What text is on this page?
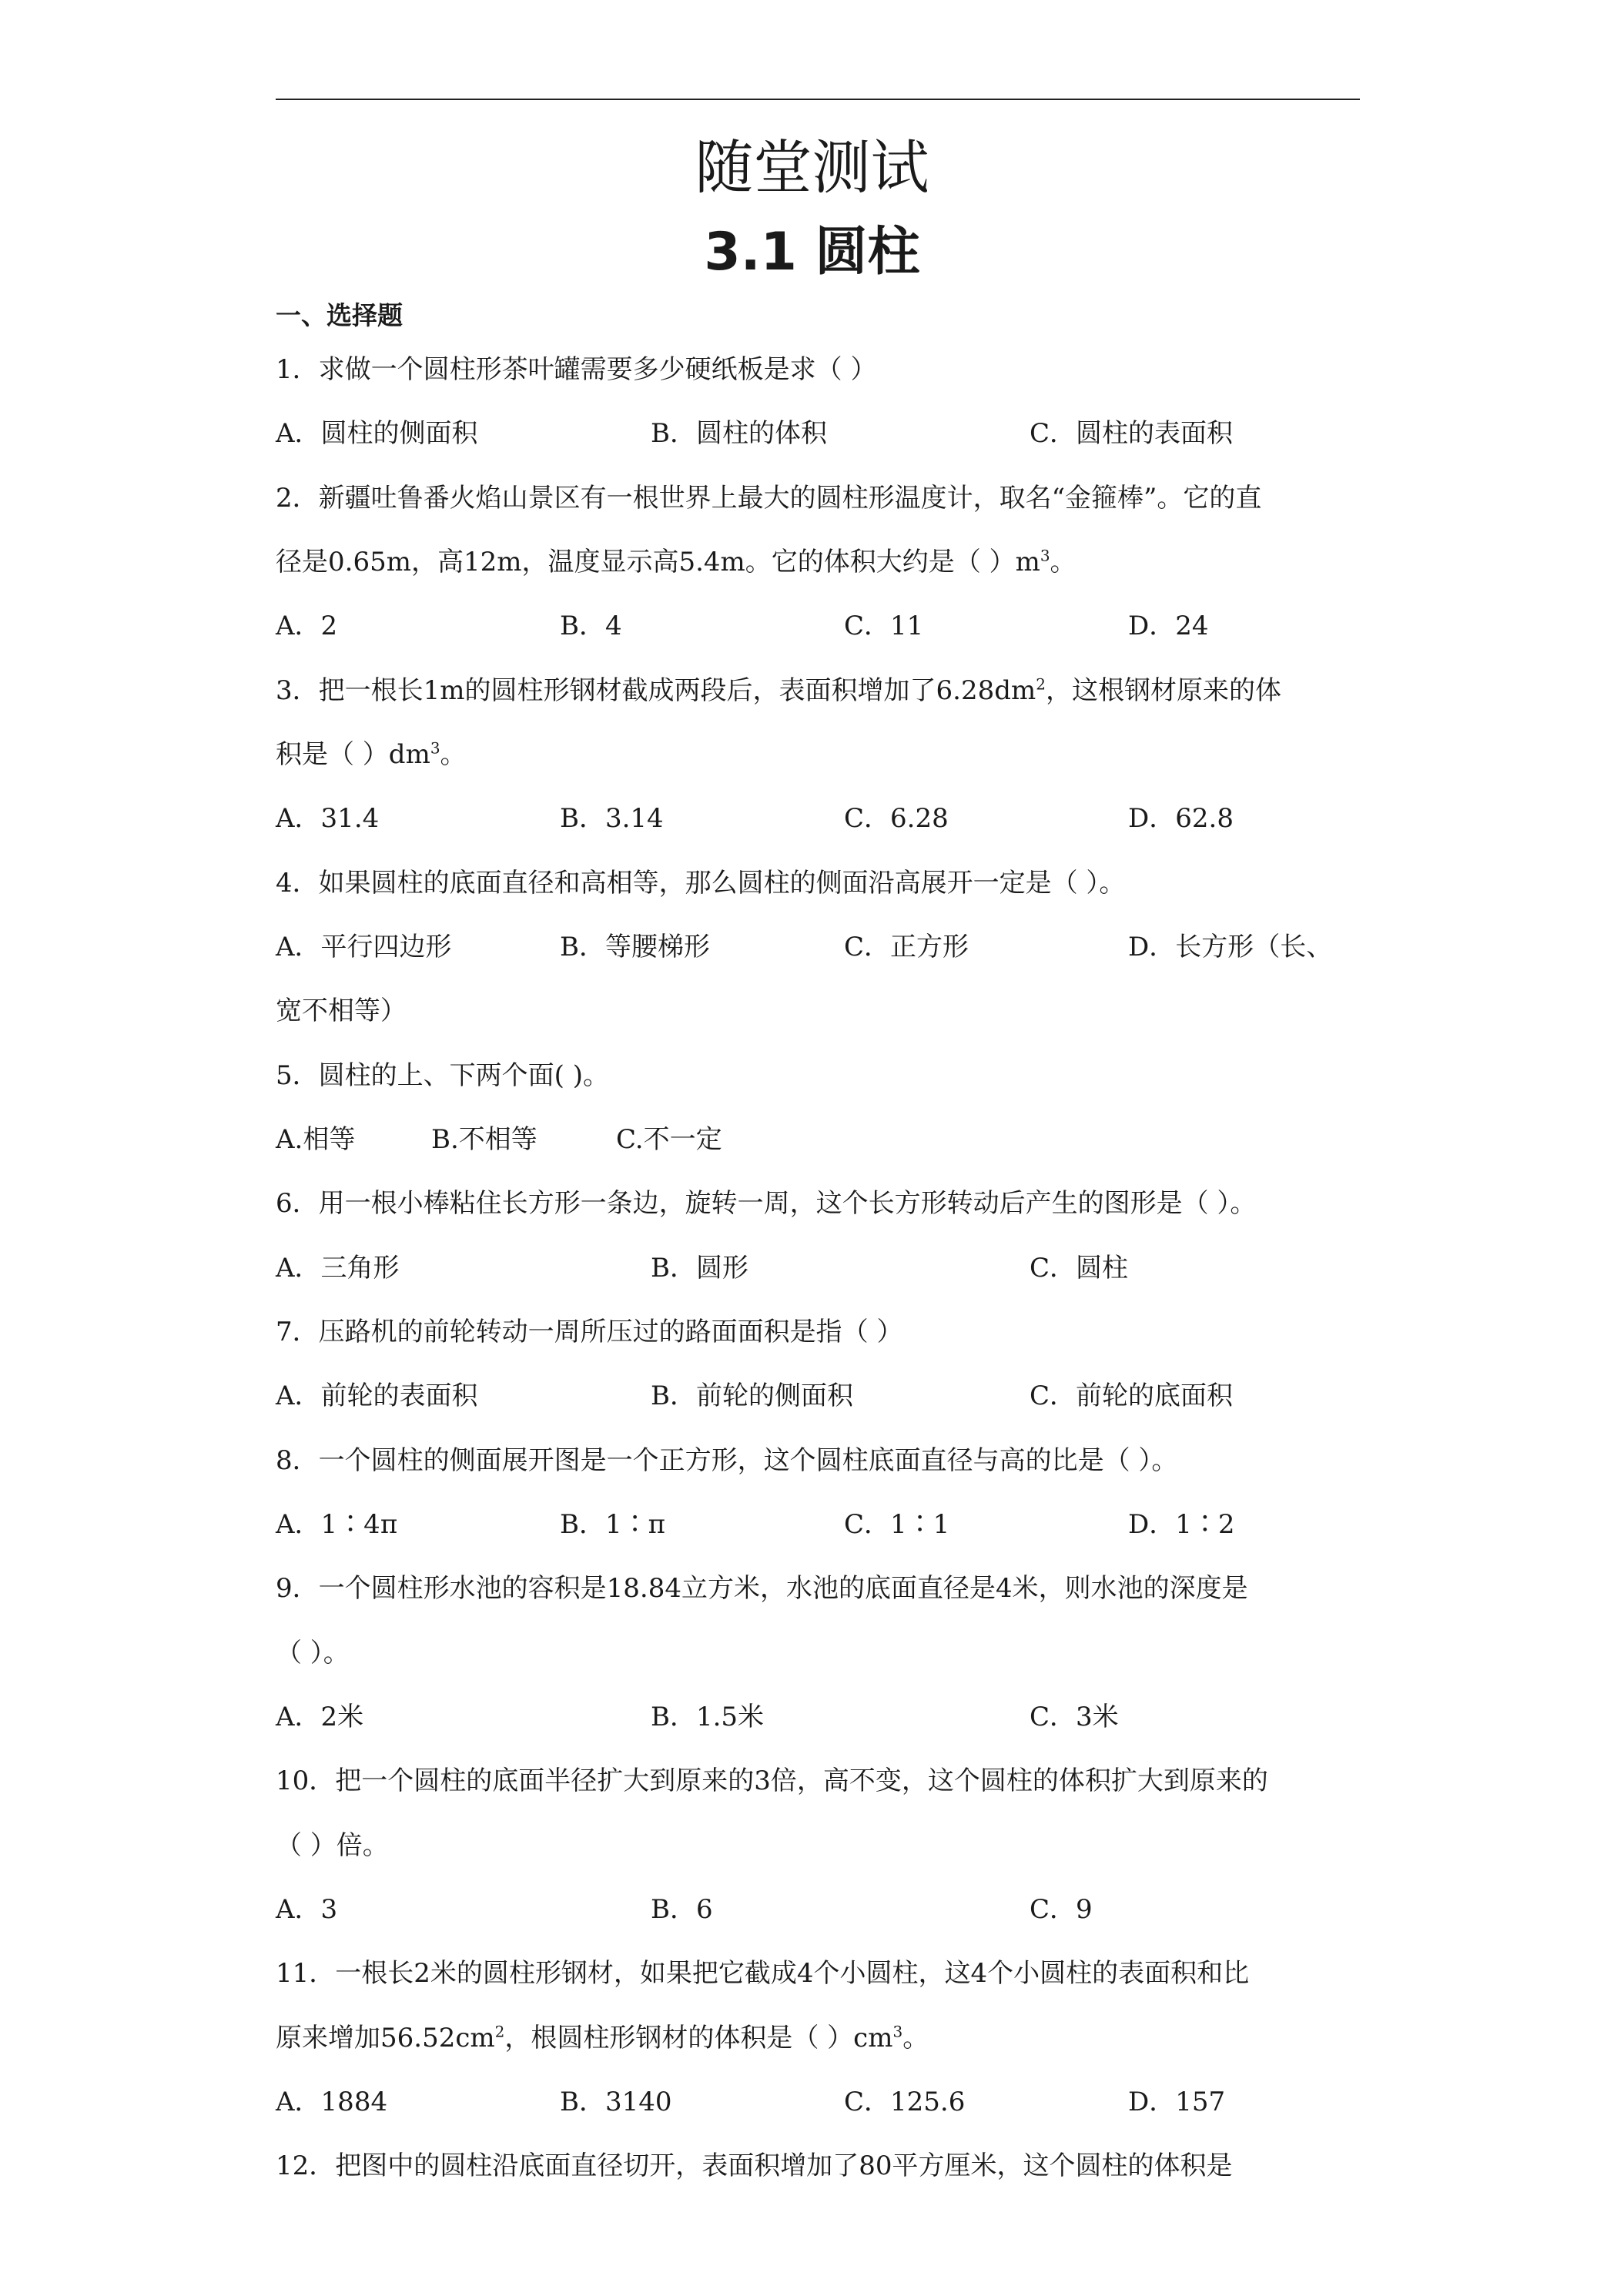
随堂测试
3.1 圆柱
一、选择题
1．求做一个圆柱形茶叶罐需要多少硬纸板是求（ ）
A．圆柱的侧面积	B．圆柱的体积	C．圆柱的表面积
2．新疆吐鲁番火焰山景区有一根世界上最大的圆柱形温度计，取名“金箍棒”。它的直
径是0.65m，高12m，温度显示高5.4m。它的体积大约是（ ）$m^3$。
A．2	B．4	C．11	D．24
3．把一根长1m的圆柱形钢材截成两段后，表面积增加了$6.28dm^2$，这根钢材原来的体
积是（ ）$dm^3$。
A．31.4	B．3.14	C．6.28	D．62.8
4．如果圆柱的底面直径和高相等，那么圆柱的侧面沿高展开一定是（ ）。
A．平行四边形	B．等腰梯形	C．正方形	D．长方形（长、
宽不相等）
5．圆柱的上、下两个面( )。
A.相等	B.不相等	C.不一定
6．用一根小棒粘住长方形一条边，旋转一周，这个长方形转动后产生的图形是（ ）。
A．三角形	B．圆形	C．圆柱
7．压路机的前轮转动一周所压过的路面面积是指（ ）
A．前轮的表面积	B．前轮的侧面积	C．前轮的底面积
8．一个圆柱的侧面展开图是一个正方形，这个圆柱底面直径与高的比是（ ）。
A．1∶4π	B．1∶π	C．1∶1	D．1∶2
9．一个圆柱形水池的容积是18.84立方米，水池的底面直径是4米，则水池的深度是
（ ）。
A．2米	B．1.5米	C．3米
10．把一个圆柱的底面半径扩大到原来的3倍，高不变，这个圆柱的体积扩大到原来的
（ ）倍。
A．3	B．6	C．9
11．一根长2米的圆柱形钢材，如果把它截成4个小圆柱，这4个小圆柱的表面积和比
原来增加$56.52cm^2$，根圆柱形钢材的体积是（ ）$cm^3$。
A．1884	B．3140	C．125.6	D．157
12．把图中的圆柱沿底面直径切开，表面积增加了80平方厘米，这个圆柱的体积是
